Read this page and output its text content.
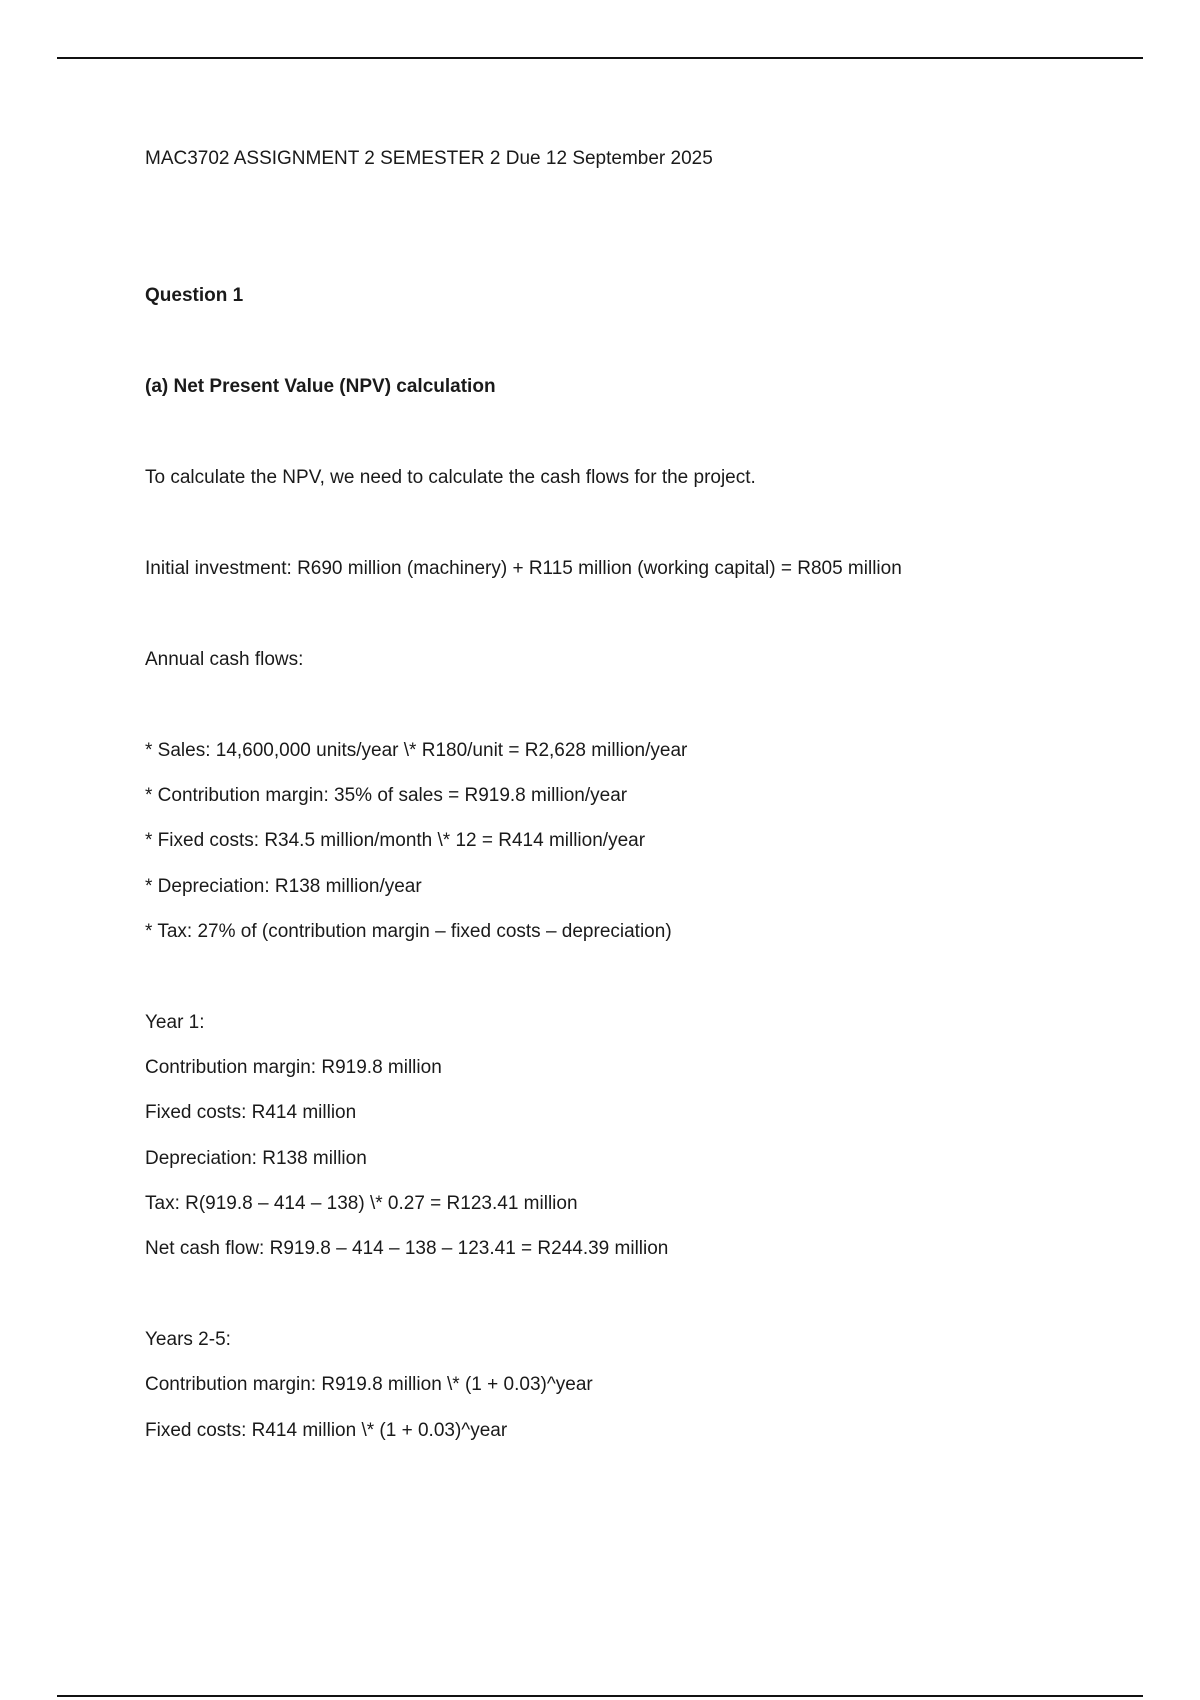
MAC3702 ASSIGNMENT 2 SEMESTER 2 Due 12 September 2025
Question 1
(a) Net Present Value (NPV) calculation
To calculate the NPV, we need to calculate the cash flows for the project.
Initial investment: R690 million (machinery) + R115 million (working capital) = R805 million
Annual cash flows:
* Sales: 14,600,000 units/year \* R180/unit = R2,628 million/year
* Contribution margin: 35% of sales = R919.8 million/year
* Fixed costs: R34.5 million/month \* 12 = R414 million/year
* Depreciation: R138 million/year
* Tax: 27% of (contribution margin – fixed costs – depreciation)
Year 1:
Contribution margin: R919.8 million
Fixed costs: R414 million
Depreciation: R138 million
Tax: R(919.8 – 414 – 138) \* 0.27 = R123.41 million
Net cash flow: R919.8 – 414 – 138 – 123.41 = R244.39 million
Years 2-5:
Contribution margin: R919.8 million \* (1 + 0.03)^year
Fixed costs: R414 million \* (1 + 0.03)^year
